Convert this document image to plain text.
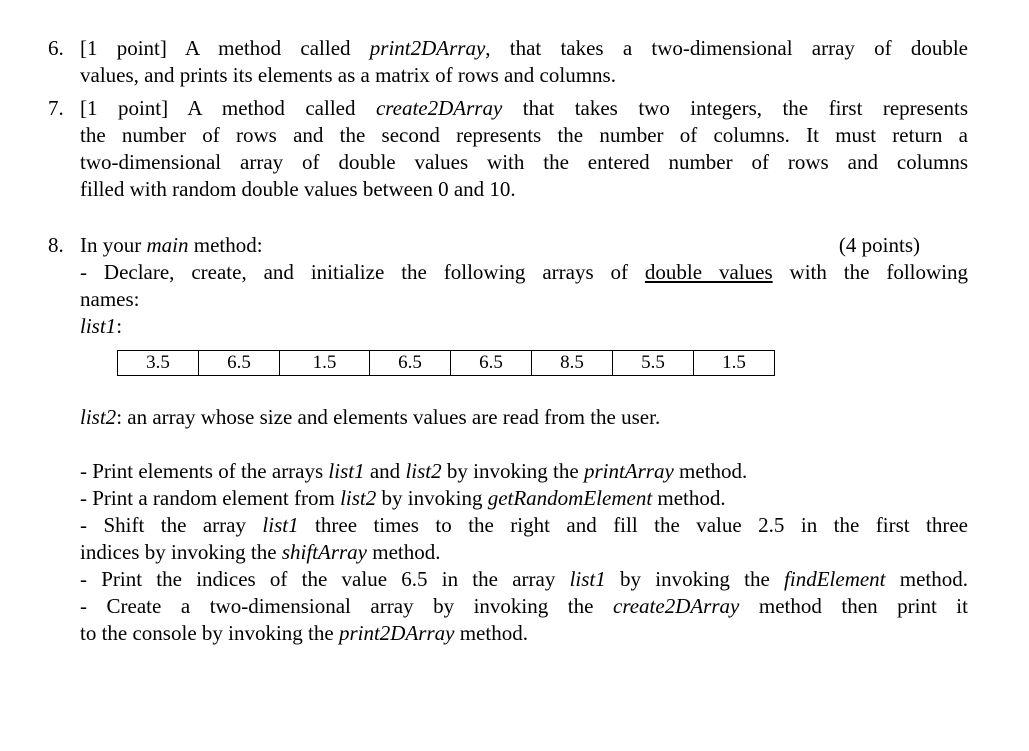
6. [1 point] A method called print2DArray, that takes a two-dimensional array of double
values, and prints its elements as a matrix of rows and columns.
7. [1 point] A method called create2DArray that takes two integers, the first represents
the number of rows and the second represents the number of columns. It must return a
two-dimensional array of double values with the entered number of rows and columns
filled with random double values between 0 and 10.
8. In your main method:	(4 points)
- Declare, create, and initialize the following arrays of double values with the following
names:
list1:
3.5	6.5	1.5	6.5	6.5	8.5	5.5	1.5
list2: an array whose size and elements values are read from the user.
- Print elements of the arrays list1 and list2 by invoking the printArray method.
- Print a random element from list2 by invoking getRandomElement method.
- Shift the array list1 three times to the right and fill the value 2.5 in the first three
indices by invoking the shiftArray method.
- Print the indices of the value 6.5 in the array list1 by invoking the findElement method.
- Create a two-dimensional array by invoking the create2DArray method then print it
to the console by invoking the print2DArray method.
